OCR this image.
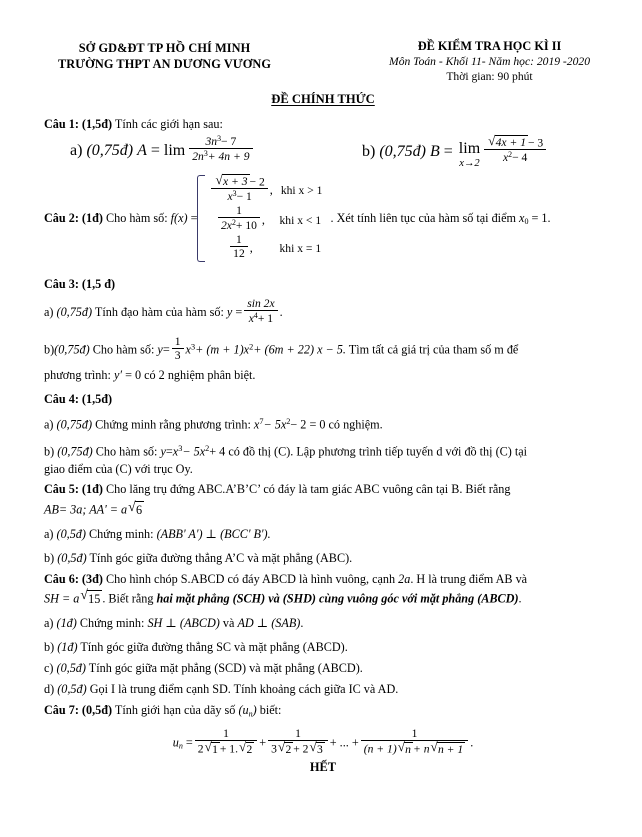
SỞ GD&ĐT TP HỒ CHÍ MINH
TRƯỜNG THPT AN DƯƠNG VƯƠNG
ĐỀ KIỂM TRA HỌC KÌ II
Môn Toán - Khối 11- Năm học: 2019 -2020
Thời gian: 90 phút
ĐỀ CHÍNH THỨC
Câu 1: (1,5đ) Tính các giới hạn sau:
a) (0,75đ) $A = \lim \frac{3n^3- 7}{2n^3+ 4n + 9}$	b) (0,75đ) B = lim
$x\to 2 \frac{√ 4x + 1 - 3}{x^2- 4}$
Câu 2: (1đ) Cho hàm số: f(x) =
$\frac{√ x + 3 - 2}{x^3- 1}$ , khi x > 1
$\frac{1}{2x^2+ 10}$ ,	khi x < 1
$\frac{1}{12}$ ,	khi x = 1
. Xét tính liên tục của hàm số tại điểm $x_0 = 1$.
Câu 3: (1,5 đ)
a) (0,75đ) Tính đạo hàm của hàm số: $y = \frac{\sin 2x}{x^4+ 1}$ .
b)(0,75đ) Cho hàm số: $y= \frac{1}{3} x^3+ (m + 1)x^2+ (6m + 22) x - 5$. Tìm tất cả giá trị của tham số m để
phương trình: y′ = 0 có 2 nghiệm phân biệt.
Câu 4: (1,5đ)
a) (0,75đ) Chứng minh rằng phương trình: $x^7- 5x^2- 2 = 0$ có nghiệm.
b) (0,75đ) Cho hàm số: $y=x^3- 5x^2+ 4$ có đồ thị (C). Lập phương trình tiếp tuyến d với đồ thị (C) tại
giao điểm của (C) với trục Oy.
Câu 5: (1đ) Cho lăng trụ đứng ABC.A’B’C’ có đáy là tam giác ABC vuông cân tại B. Biết rằng
AB= 3a; AA' = a √ 6
a) (0,5đ) Chứng minh: (ABB' A') ⊥ (BCC' B').
b) (0,5đ) Tính góc giữa đường thẳng A’C và mặt phẳng (ABC).
Câu 6: (3đ) Cho hình chóp S.ABCD có đáy ABCD là hình vuông, cạnh 2a. H là trung điểm AB và
SH = a √ 15 . Biết rằng hai mặt phẳng (SCH) và (SHD) cùng vuông góc với mặt phẳng (ABCD).
a) (1đ) Chứng minh: SH ⊥ (ABCD) và AD ⊥ (SAB).
b) (1đ) Tính góc giữa đường thẳng SC và mặt phẳng (ABCD).
c) (0,5đ) Tính góc giữa mặt phẳng (SCD) và mặt phẳng (ABCD).
d) (0,5đ) Gọi I là trung điểm cạnh SD. Tính khoảng cách giữa IC và AD.
Câu 7: (0,5đ) Tính giới hạn của dãy số $(u_n)$ biết:
$u_n = \frac{1}{2 √ 1 + 1. √ 2} + \frac{1}{3 √ 2 + 2 √ 3}$ + ... + $\frac{1}{(n + 1) √ n + n √ n + 1}$ .
HẾT
